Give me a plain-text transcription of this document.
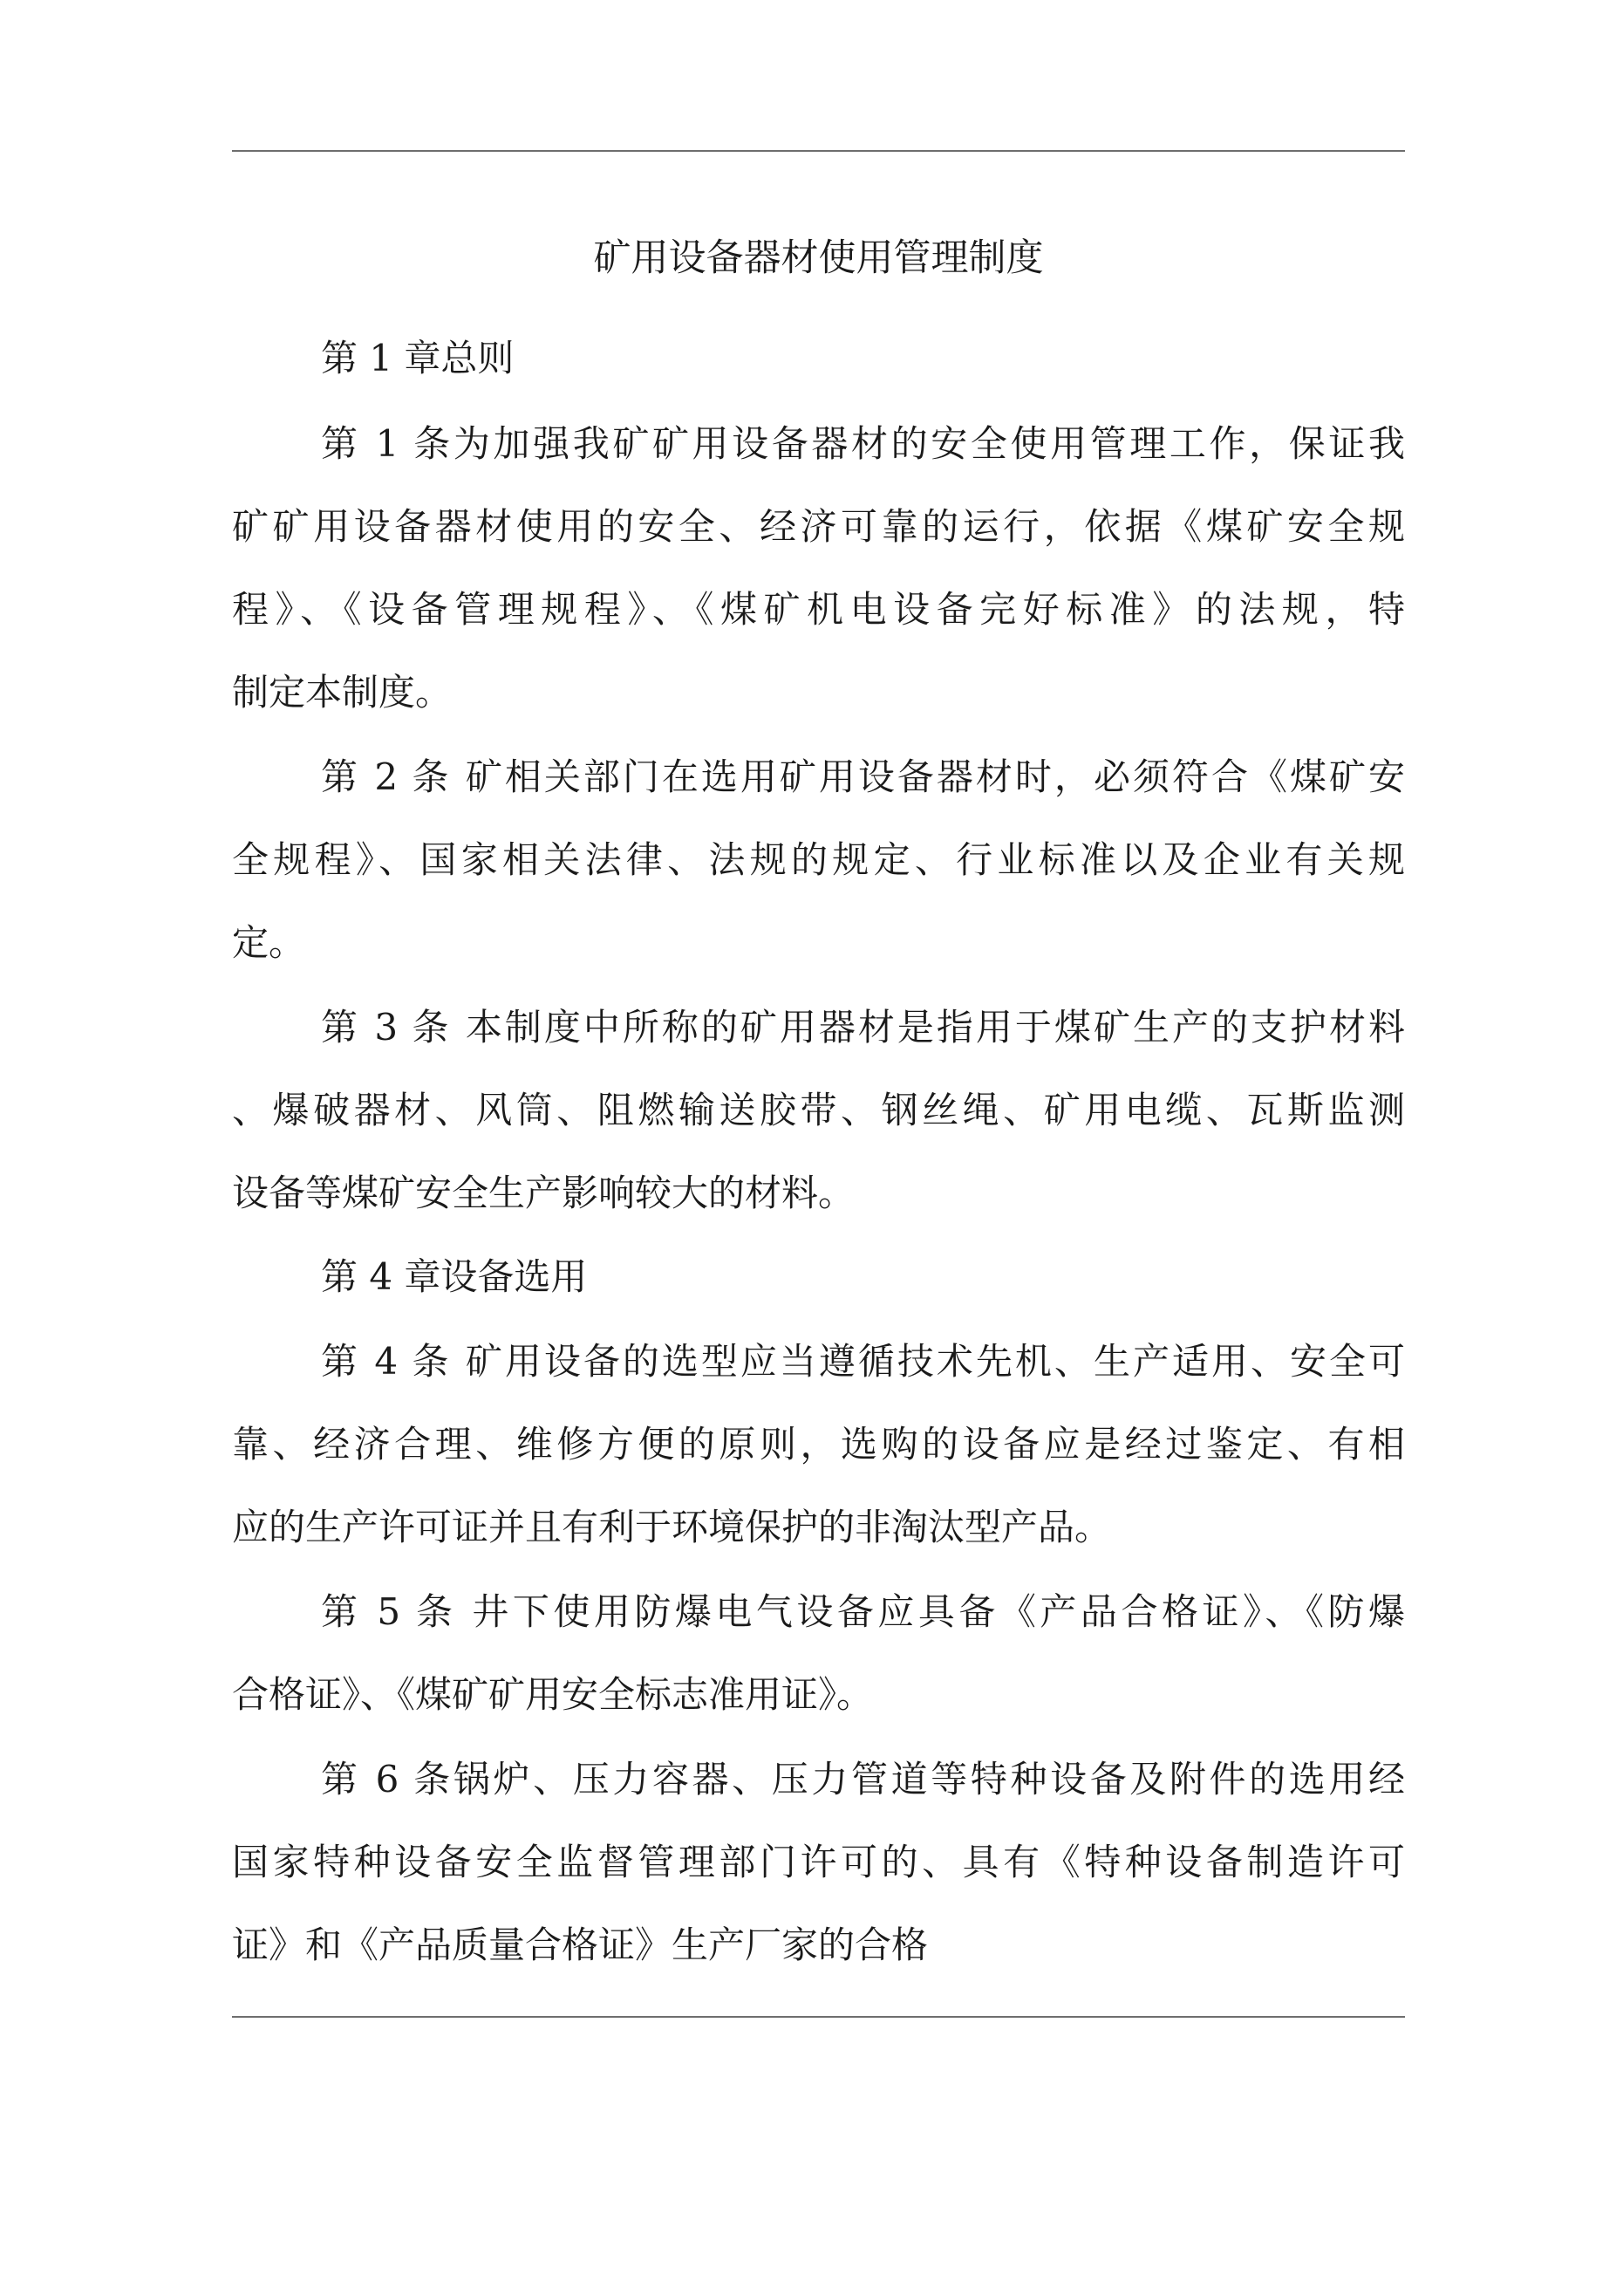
矿用设备器材使用管理制度
第 1 章总则
第 1 条为加强我矿矿用设备器材的安全使用管理工作，保证我
矿矿用设备器材使用的安全、经济可靠的运行，依据《煤矿安全规
程》、《设备管理规程》、《煤矿机电设备完好标准》的法规，特
制定本制度。
第 2 条 矿相关部门在选用矿用设备器材时，必须符合《煤矿安
全规程》、国家相关法律、法规的规定、行业标准以及企业有关规
定。
第 3 条 本制度中所称的矿用器材是指用于煤矿生产的支护材料
、爆破器材、风筒、阻燃输送胶带、钢丝绳、矿用电缆、瓦斯监测
设备等煤矿安全生产影响较大的材料。
第 4 章设备选用
第 4 条 矿用设备的选型应当遵循技术先机、生产适用、安全可
靠、经济合理、维修方便的原则，选购的设备应是经过鉴定、有相
应的生产许可证并且有利于环境保护的非淘汰型产品。
第 5 条 井下使用防爆电气设备应具备《产品合格证》、《防爆
合格证》、《煤矿矿用安全标志准用证》。
第 6 条锅炉、压力容器、压力管道等特种设备及附件的选用经
国家特种设备安全监督管理部门许可的、具有《特种设备制造许可
证》和《产品质量合格证》生产厂家的合格
